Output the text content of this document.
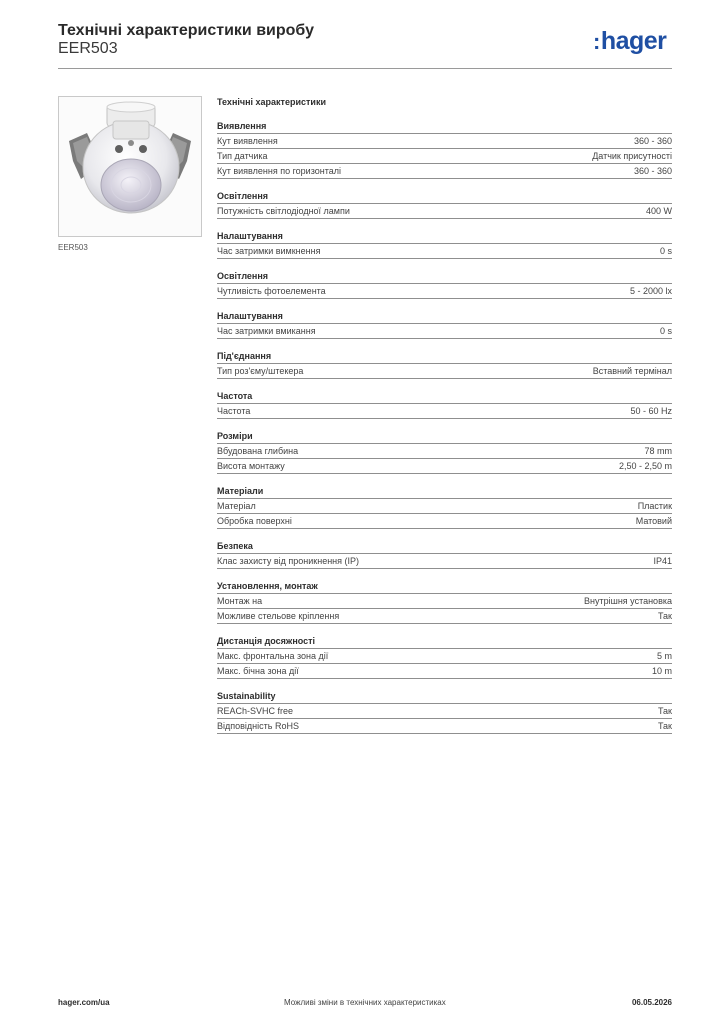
Технічні характеристики виробу
EER503	:hager
EER503
Технічні характеристики
Виявлення
Кут виявлення	360 - 360
Тип датчика	Датчик присутності
Кут виявлення по горизонталі	360 - 360
Освітлення
Потужність світлодіодної лампи	400 W
Налаштування
Час затримки вимкнення	0 s
Освітлення
Чутливість фотоелемента	5 - 2000 lx
Налаштування
Час затримки вмикання	0 s
Під'єднання
Тип роз'єму/штекера	Вставний термінал
Частота
Частота	50 - 60 Hz
Розміри
Вбудована глибина	78 mm
Висота монтажу	2,50 - 2,50 m
Матеріали
Матеріал	Пластик
Обробка поверхні	Матовий
Безпека
Клас захисту від проникнення (IP)	IP41
Установлення, монтаж
Монтаж на	Внутрішня установка
Можливе стельове кріплення	Так
Дистанція досяжності
Макс. фронтальна зона дії	5 m
Макс. бічна зона дії	10 m
Sustainability
REACh-SVHC free	Так
Відповідність RoHS	Так
hager.com/ua	Можливі зміни в технічних характеристиках	06.05.2026
